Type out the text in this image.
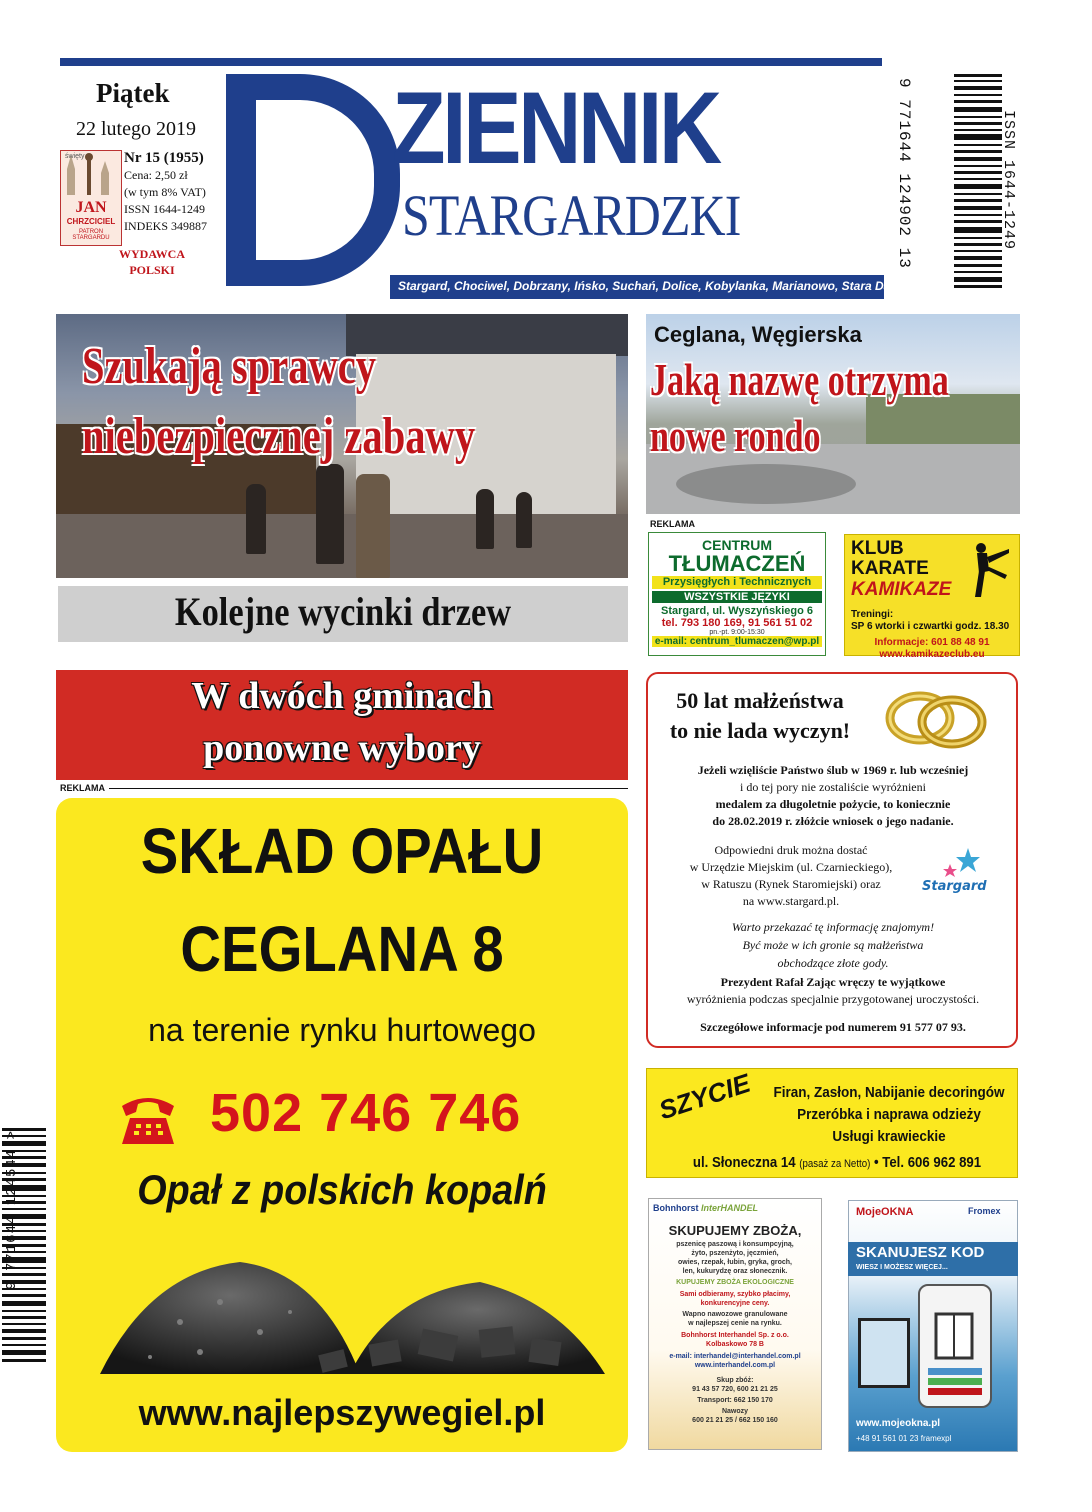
Piątek
22 lutego 2019
święty
JAN
CHRZCICIEL
PATRON STARGARDU
Nr 15 (1955)
Cena: 2,50 zł
(w tym 8% VAT)
ISSN 1644-1249
INDEKS 349887
WYDAWCA
POLSKI
ZIENNIK
STARGARDZKI
Stargard, Chociwel, Dobrzany, Ińsko, Suchań, Dolice, Kobylanka, Marianowo, Stara Dąbrowa
9 771644 124902 13	ISSN 1644-1249
Szukają sprawcy
niebezpiecznej zabawy
Kolejne wycinki drzew
Ceglana, Węgierska
Jaką nazwę otrzyma
nowe rondo
REKLAMA
CENTRUM
TŁUMACZEŃ
Przysięgłych i Technicznych
WSZYSTKIE JĘZYKI
Stargard, ul. Wyszyńskiego 6
tel. 793 180 169, 91 561 51 02
pn.-pt. 9:00-15:30
e-mail: centrum_tlumaczen@wp.pl
KLUB
KARATE
KAMIKAZE
Treningi:
SP 6 wtorki i czwartki godz. 18.30
Informacje: 601 88 48 91
www.kamikazeclub.eu
W dwóch gminach
ponowne wybory
REKLAMA
SKŁAD OPAŁU
CEGLANA 8
na terenie rynku hurtowego
502 746 746
Opał z polskich kopalń
www.najlepszywegiel.pl
9 771644 124544 >
50 lat małżeństwa
to nie lada wyczyn!
Jeżeli wzięliście Państwo ślub w 1969 r. lub wcześniej
i do tej pory nie zostaliście wyróżnieni
medalem za długoletnie pożycie, to koniecznie
do 28.02.2019 r. złóżcie wniosek o jego nadanie.
Odpowiedni druk można dostać
w Urzędzie Miejskim (ul. Czarnieckiego),
w Ratuszu (Rynek Staromiejski) oraz
na www.stargard.pl.
Stargard
Warto przekazać tę informację znajomym!
Być może w ich gronie są małżeństwa
obchodzące złote gody.
Prezydent Rafał Zając wręczy te wyjątkowe
wyróżnienia podczas specjalnie przygotowanej uroczystości.
Szczegółowe informacje pod numerem 91 577 07 93.
SZYCIE Firan, Zasłon, Nabijanie decoringów
Przeróbka i naprawa odzieży
Usługi krawieckie
ul. Słoneczna 14 (pasaż za Netto) • Tel. 606 962 891
Bohnhorst InterHANDEL
SKUPUJEMY ZBOŻA,
pszenicę paszową i konsumpcyjną,
żyto, pszenżyto, jęczmień,
owies, rzepak, łubin, gryka, groch,
len, kukurydzę oraz słonecznik.
KUPUJEMY ZBOŻA EKOLOGICZNE
Sami odbieramy, szybko płacimy,
konkurencyjne ceny.
Wapno nawozowe granulowane
w najlepszej cenie na rynku.
Bohnhorst Interhandel Sp. z o.o.
Kolbaskowo 78 B
e-mail: interhandel@interhandel.com.pl
www.interhandel.com.pl
Skup zbóż:
91 43 57 720, 600 21 21 25
Transport: 662 150 170
Nawozy
600 21 21 25 / 662 150 160
MojeOKNA	Fromex
SKANUJESZ KOD
WIESZ I MOŻESZ WIĘCEJ...
www.mojeokna.pl
+48 91 561 01 23 framexpl
